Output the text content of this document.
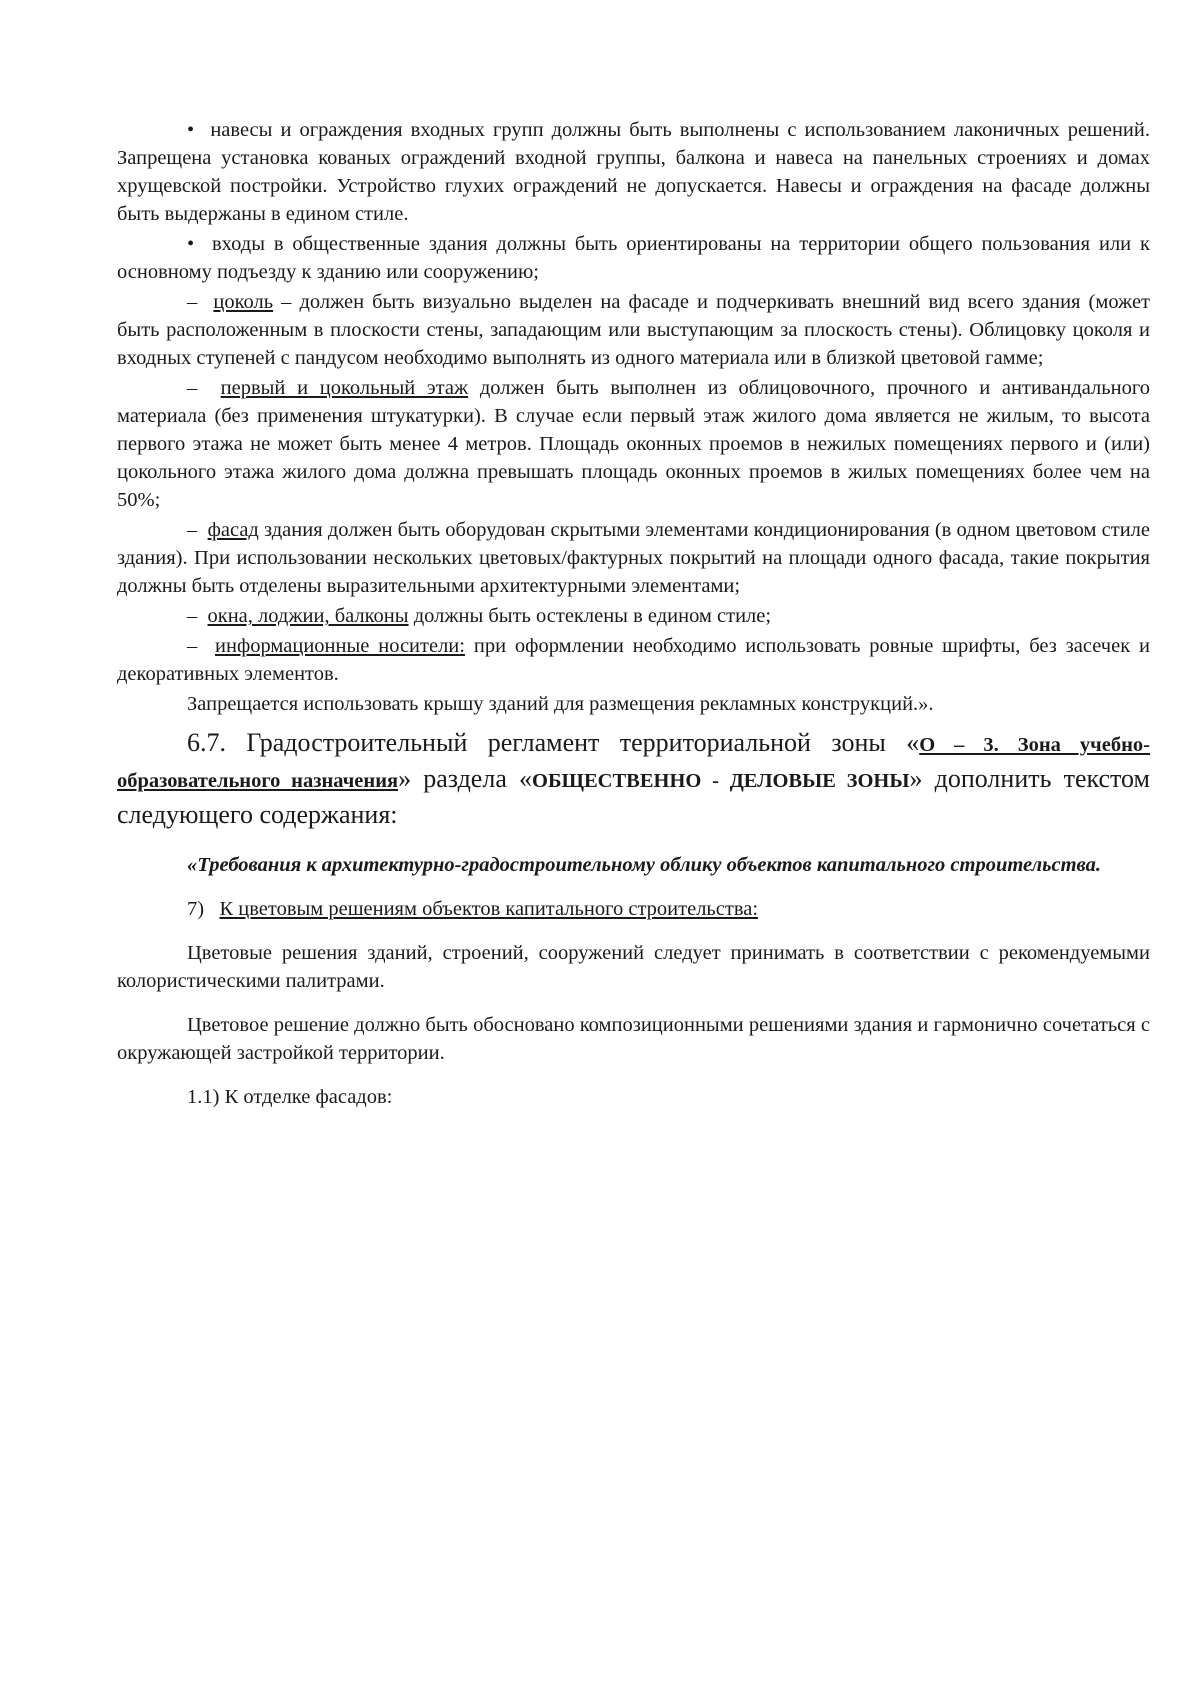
•  навесы и ограждения входных групп должны быть выполнены с использованием лаконичных решений. Запрещена установка кованых ограждений входной группы, балкона и навеса на панельных строениях и домах хрущевской постройки. Устройство глухих ограждений не допускается. Навесы и ограждения на фасаде должны быть выдержаны в едином стиле.

•  входы в общественные здания должны быть ориентированы на территории общего пользования или к основному подъезду к зданию или сооружению;

–  цоколь – должен быть визуально выделен на фасаде и подчеркивать внешний вид всего здания (может быть расположенным в плоскости стены, западающим или выступающим за плоскость стены). Облицовку цоколя и входных ступеней с пандусом необходимо выполнять из одного материала или в близкой цветовой гамме;

–  первый и цокольный этаж должен быть выполнен из облицовочного, прочного и антивандального материала (без применения штукатурки). В случае если первый этаж жилого дома является не жилым, то высота первого этажа не может быть менее 4 метров. Площадь оконных проемов в нежилых помещениях первого и (или) цокольного этажа жилого дома должна превышать площадь оконных проемов в жилых помещениях более чем на 50%;

–  фасад здания должен быть оборудован скрытыми элементами кондиционирования (в одном цветовом стиле здания). При использовании нескольких цветовых/фактурных покрытий на площади одного фасада, такие покрытия должны быть отделены выразительными архитектурными элементами;

–  окна, лоджии, балконы должны быть остеклены в едином стиле;

–  информационные носители: при оформлении необходимо использовать ровные шрифты, без засечек и декоративных элементов.

Запрещается использовать крышу зданий для размещения рекламных конструкций.».

6.7. Градостроительный регламент территориальной зоны «О – 3. Зона учебно-образовательного назначения» раздела «ОБЩЕСТВЕННО - ДЕЛОВЫЕ ЗОНЫ» дополнить текстом следующего содержания:

«Требования к архитектурно-градостроительному облику объектов капитального строительства.

7) К цветовым решениям объектов капитального строительства:

Цветовые решения зданий, строений, сооружений следует принимать в соответствии с рекомендуемыми колористическими палитрами.

Цветовое решение должно быть обосновано композиционными решениями здания и гармонично сочетаться с окружающей застройкой территории.

1.1) К отделке фасадов:
